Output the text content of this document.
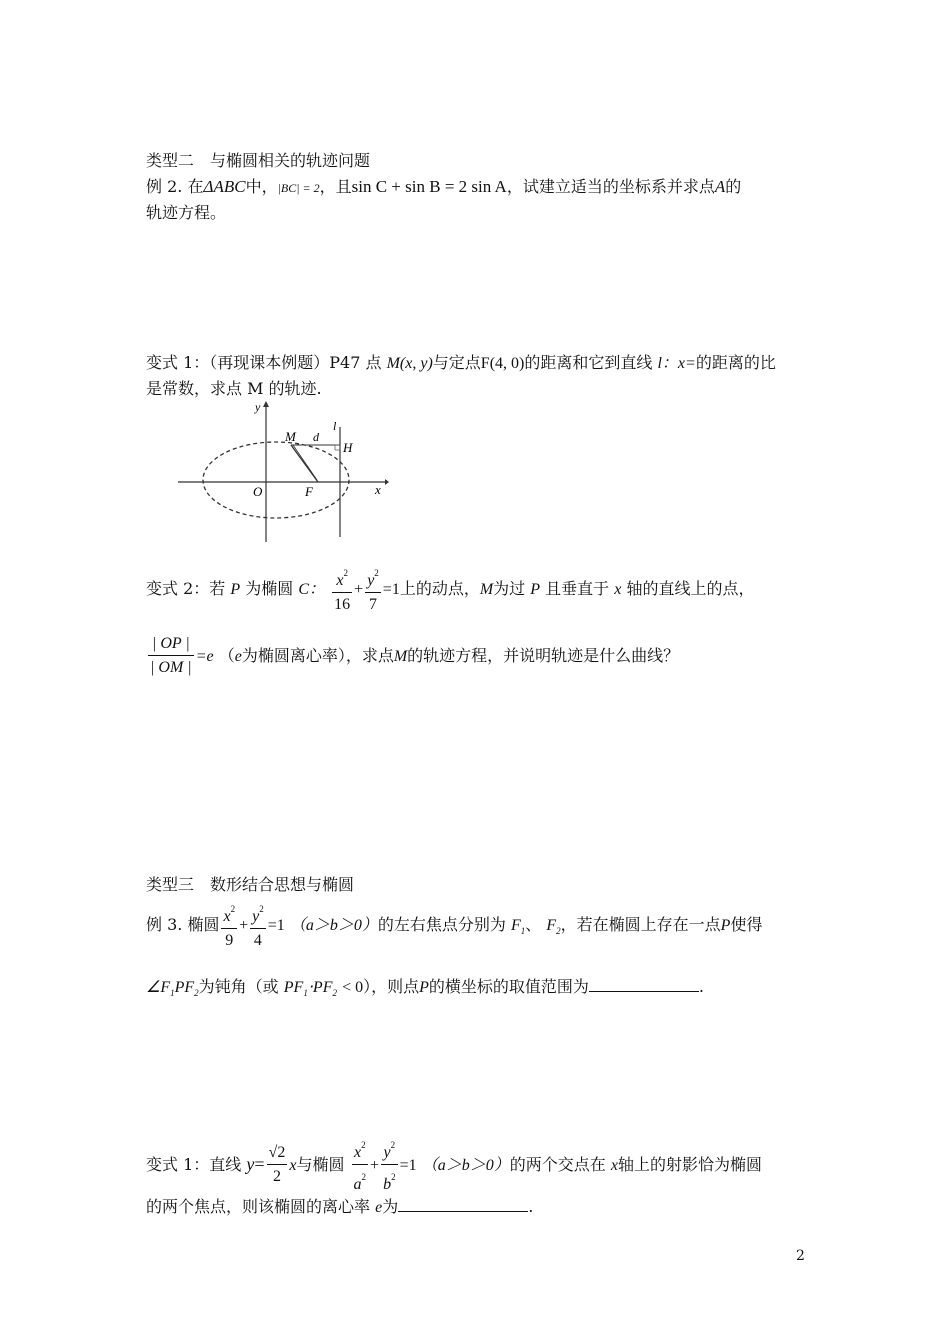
类型二　与椭圆相关的轨迹问题
例 2. 在ΔABC中，|BC| = 2，且sin C + sin B = 2 sin A，试建立适当的坐标系并求点A的
轨迹方程。
变式 1：（再现课本例题）P47 点 M(x, y)与定点F(4, 0)的距离和它到直线 l：x=的距离的比
是常数，求点 M 的轨迹.
y
x
O	F
M d
l
H
变式 2：若 P 为椭圆 C： $\frac{x^2}{16} + \frac{y^2}{7} =1$上的动点，M为过 P 且垂直于 x 轴的直线上的点，
$\frac{| OP |}{| OM |} =e$ （e为椭圆离心率），求点M的轨迹方程，并说明轨迹是什么曲线？
类型三　数形结合思想与椭圆
例 3. 椭圆 $\frac{x^2}{9} + \frac{y^2}{4} =1$ （a＞b＞0）的左右焦点分别为 $F_1$、 $F_2$，若在椭圆上存在一点P使得
$\angle F_1PF_2$为钝角（或 $PF_1\cdot PF_2 < 0$），则点P的横坐标的取值范围为	.
变式 1：直线 $y= \frac{√2}{2}$ x与椭圆 $\frac{x^2}{a^2} + \frac{y^2}{b^2} =1$ （a＞b＞0）的两个交点在 x轴上的射影恰为椭圆
的两个焦点，则该椭圆的离心率 e为	.
2
